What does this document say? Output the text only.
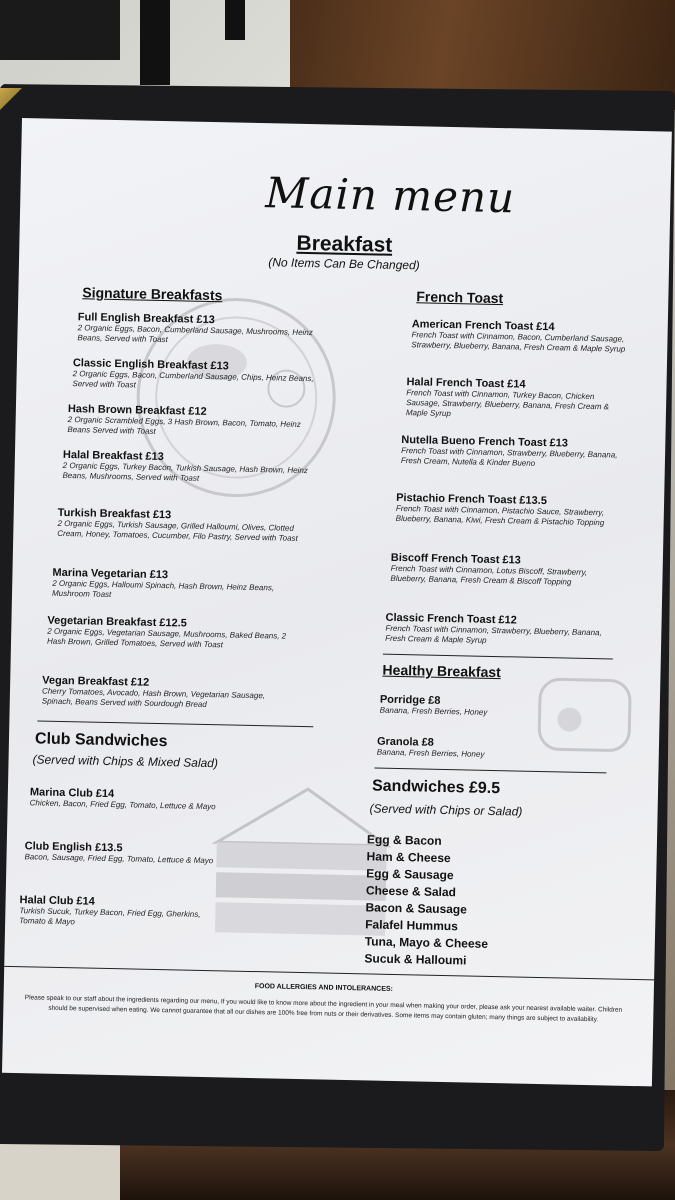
Main menu
Breakfast
(No Items Can Be Changed)
Signature Breakfasts
Full English Breakfast £13
2 Organic Eggs, Bacon, Cumberland Sausage, Mushrooms, Heinz Beans, Served with Toast
Classic English Breakfast £13
2 Organic Eggs, Bacon, Cumberland Sausage, Chips, Heinz Beans, Served with Toast
Hash Brown Breakfast £12
2 Organic Scrambled Eggs, 3 Hash Brown, Bacon, Tomato, Heinz Beans Served with Toast
Halal Breakfast £13
2 Organic Eggs, Turkey Bacon, Turkish Sausage, Hash Brown, Heinz Beans, Mushrooms, Served with Toast
Turkish Breakfast £13
2 Organic Eggs, Turkish Sausage, Grilled Halloumi, Olives, Clotted Cream, Honey, Tomatoes, Cucumber, Filo Pastry, Served with Toast
Marina Vegetarian £13
2 Organic Eggs, Halloumi Spinach, Hash Brown, Heinz Beans, Mushroom Toast
Vegetarian Breakfast £12.5
2 Organic Eggs, Vegetarian Sausage, Mushrooms, Baked Beans, 2 Hash Brown, Grilled Tomatoes, Served with Toast
Vegan Breakfast £12
Cherry Tomatoes, Avocado, Hash Brown, Vegetarian Sausage, Spinach, Beans Served with Sourdough Bread
Club Sandwiches
(Served with Chips & Mixed Salad)
Marina Club £14
Chicken, Bacon, Fried Egg, Tomato, Lettuce & Mayo
Club English £13.5
Bacon, Sausage, Fried Egg, Tomato, Lettuce & Mayo
Halal Club £14
Turkish Sucuk, Turkey Bacon, Fried Egg, Gherkins, Tomato & Mayo
French Toast
American French Toast £14
French Toast with Cinnamon, Bacon, Cumberland Sausage, Strawberry, Blueberry, Banana, Fresh Cream & Maple Syrup
Halal French Toast £14
French Toast with Cinnamon, Turkey Bacon, Chicken Sausage, Strawberry, Blueberry, Banana, Fresh Cream & Maple Syrup
Nutella Bueno French Toast £13
French Toast with Cinnamon, Strawberry, Blueberry, Banana, Fresh Cream, Nutella & Kinder Bueno
Pistachio French Toast £13.5
French Toast with Cinnamon, Pistachio Sauce, Strawberry, Blueberry, Banana, Kiwi, Fresh Cream & Pistachio Topping
Biscoff French Toast £13
French Toast with Cinnamon, Lotus Biscoff, Strawberry, Blueberry, Banana, Fresh Cream & Biscoff Topping
Classic French Toast £12
French Toast with Cinnamon, Strawberry, Blueberry, Banana, Fresh Cream & Maple Syrup
Healthy Breakfast
Porridge £8
Banana, Fresh Berries, Honey
Granola £8
Banana, Fresh Berries, Honey
Sandwiches £9.5
(Served with Chips or Salad)
Egg & Bacon
Ham & Cheese
Egg & Sausage
Cheese & Salad
Bacon & Sausage
Falafel Hummus
Tuna, Mayo & Cheese
Sucuk & Halloumi
FOOD ALLERGIES AND INTOLERANCES:
Please speak to our staff about the ingredients regarding our menu, If you would like to know more about the ingredient in your meal when making your order, please ask your nearest available waiter. Children should be supervised when eating. We cannot guarantee that all our dishes are 100% free from nuts or their derivatives. Some items may contain gluten; many things are subject to availability.
